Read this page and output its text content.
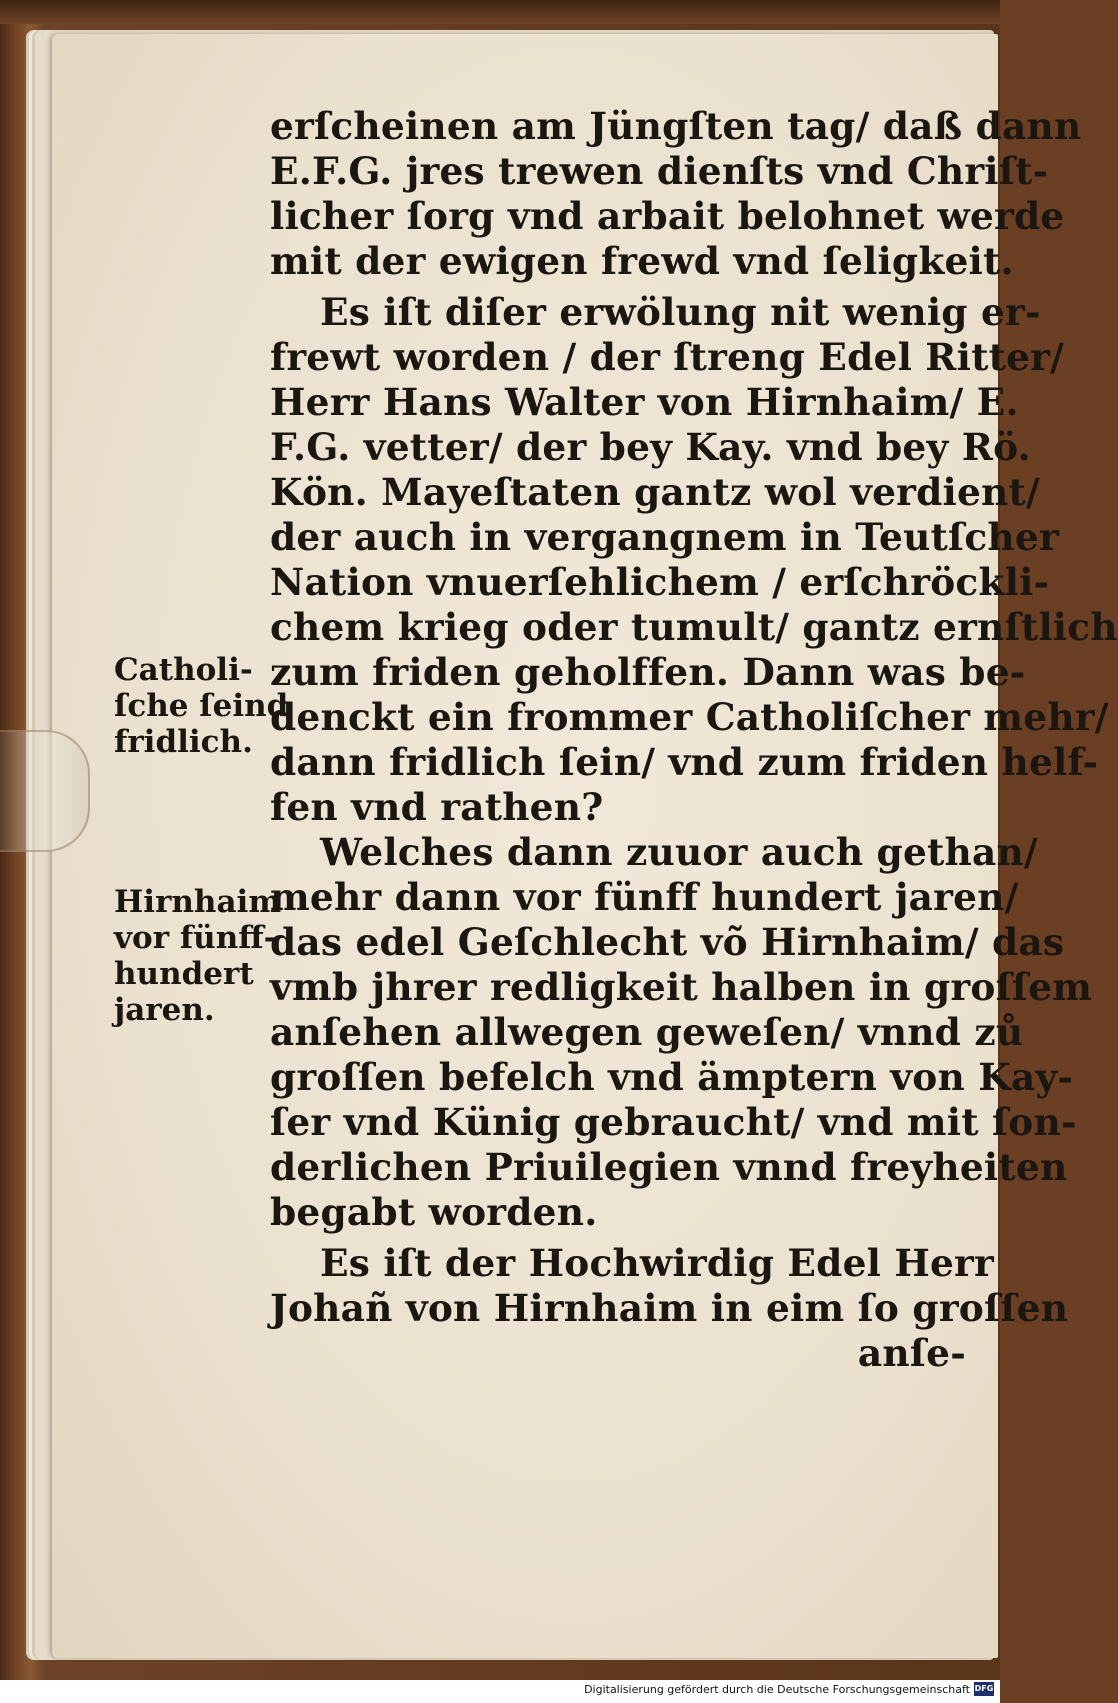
erſcheinen am Jüngſten tag/ daß dann
E.F.G. jres trewen dienſts vnd Chriſt-
licher ſorg vnd arbait belohnet werde
mit der ewigen frewd vnd ſeligkeit.
Es iſt diſer erwölung nit wenig er-
frewt worden / der ſtreng Edel Ritter/
Herr Hans Walter von Hirnhaim/ E.
F.G. vetter/ der bey Kay. vnd bey Rö.
Kön. Mayeſtaten gantz wol verdient/
der auch in vergangnem in Teutſcher
Nation vnuerſehlichem / erſchröckli-
chem krieg oder tumult/ gantz ernſtlich
zum friden geholffen. Dann was be-
denckt ein frommer Catholiſcher mehr/
dann fridlich ſein/ vnd zum friden helf-
fen vnd rathen?
Welches dann zuuor auch gethan/
mehr dann vor fünff hundert jaren/
das edel Geſchlecht võ Hirnhaim/ das
vmb jhrer redligkeit halben in groſſem
anſehen allwegen geweſen/ vnnd zů
groſſen befelch vnd ämptern von Kay-
ſer vnd Künig gebraucht/ vnd mit ſon-
derlichen Priuilegien vnnd freyheiten
begabt worden.
Es iſt der Hochwirdig Edel Herr
Johañ von Hirnhaim in eim ſo groſſen
anſe-
Catholi-
ſche ſeind
fridlich.
Hirnhaim
vor fünff-
hundert
jaren.
Digitalisierung gefördert durch die Deutsche Forschungsgemeinschaft DFG
